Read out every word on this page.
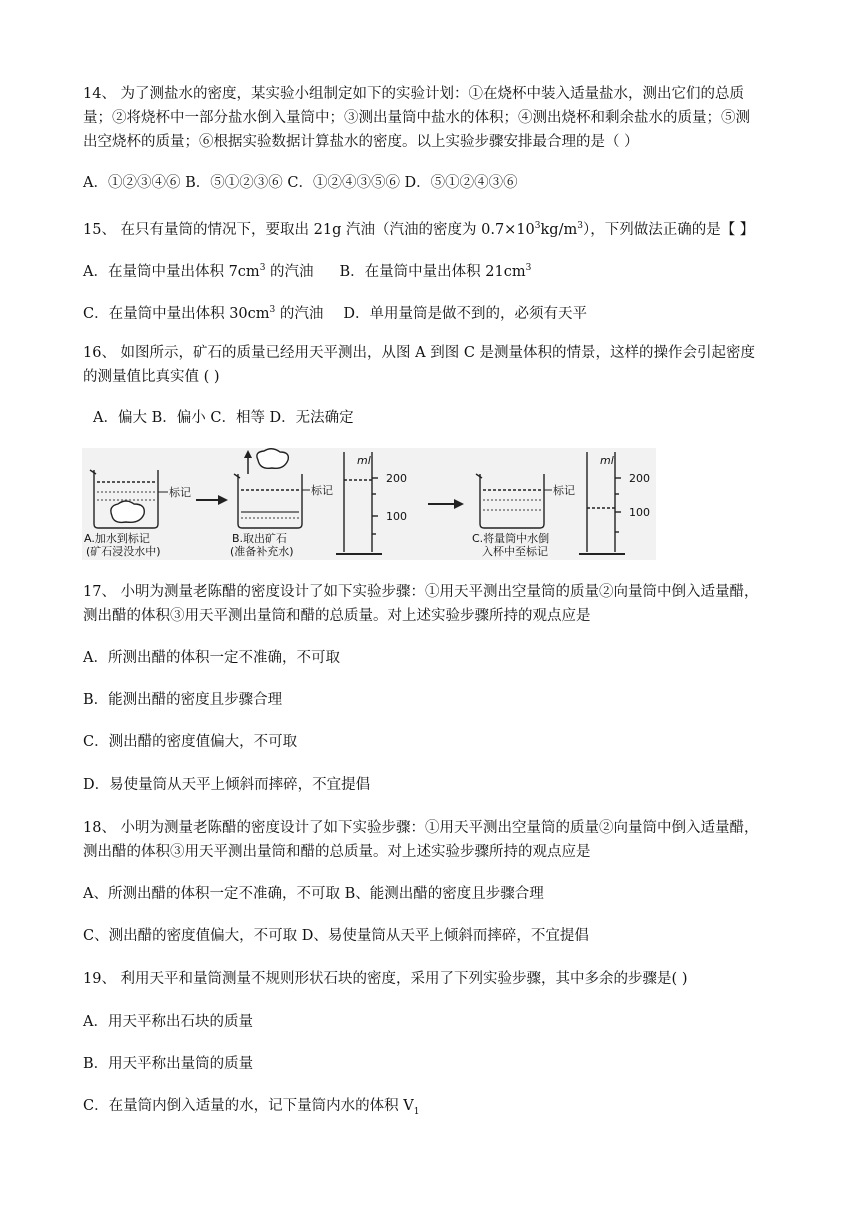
14、 为了测盐水的密度，某实验小组制定如下的实验计划：①在烧杯中装入适量盐水，测出它们的总质
量；②将烧杯中一部分盐水倒入量筒中；③测出量筒中盐水的体积；④测出烧杯和剩余盐水的质量；⑤测
出空烧杯的质量；⑥根据实验数据计算盐水的密度。以上实验步骤安排最合理的是（ ）
A．①②③④⑥ B．⑤①②③⑥ C．①②④③⑤⑥ D．⑤①②④③⑥
15、 在只有量筒的情况下，要取出 21g 汽油（汽油的密度为 $0.7\times 10^3kg/m^3$），下列做法正确的是【 】
A．在量筒中量出体积 $7cm^3$ 的汽油 B．在量筒中量出体积 $21cm^3$
C．在量筒中量出体积 $30cm^3$ 的汽油 D．单用量筒是做不到的，必须有天平
16、 如图所示，矿石的质量已经用天平测出，从图 A 到图 C 是测量体积的情景，这样的操作会引起密度
的测量值比真实值 ( )
A．偏大 B．偏小 C．相等 D．无法确定
标记
A.加水到标记
(矿石浸没水中)
标记
B.取出矿石
(准备补充水)
ml
200
100
标记
C.将量筒中水倒
入杯中至标记
ml
200
100
17、 小明为测量老陈醋的密度设计了如下实验步骤：①用天平测出空量筒的质量②向量筒中倒入适量醋，
测出醋的体积③用天平测出量筒和醋的总质量。对上述实验步骤所持的观点应是
A．所测出醋的体积一定不准确，不可取
B．能测出醋的密度且步骤合理
C．测出醋的密度值偏大，不可取
D．易使量筒从天平上倾斜而摔碎，不宜提倡
18、 小明为测量老陈醋的密度设计了如下实验步骤：①用天平测出空量筒的质量②向量筒中倒入适量醋，
测出醋的体积③用天平测出量筒和醋的总质量。对上述实验步骤所持的观点应是
A、所测出醋的体积一定不准确，不可取 B、能测出醋的密度且步骤合理
C、测出醋的密度值偏大，不可取 D、易使量筒从天平上倾斜而摔碎，不宜提倡
19、 利用天平和量筒测量不规则形状石块的密度，采用了下列实验步骤，其中多余的步骤是( )
A．用天平称出石块的质量
B．用天平称出量筒的质量
C．在量筒内倒入适量的水，记下量筒内水的体积 $V_1$
